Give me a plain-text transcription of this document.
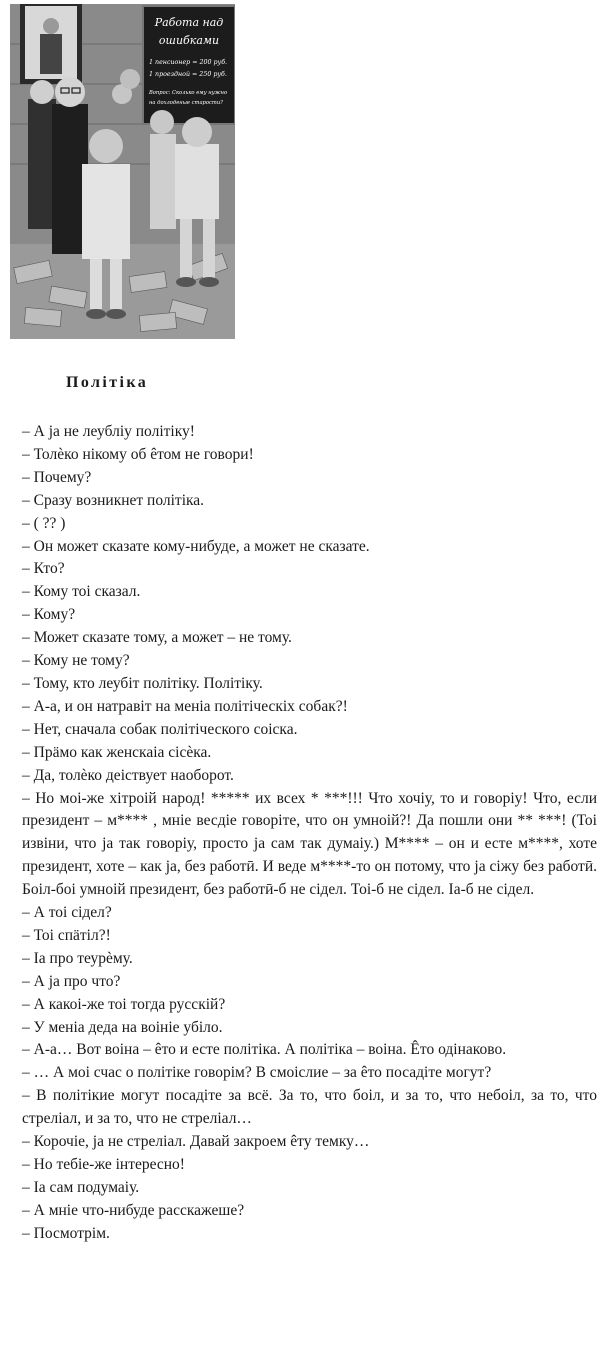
Работа над
ошибками
1 пенсионер = 200 руб.
1 проездной = 250 руб.
Вопрос: Сколько ему нужно
на дохлоденые старости?
Політіка

– А ја не леубліу політіку!

– Толѐко нікому об êтом не говори!

– Почему?

– Сразу возникнет політіка.

– ( ?? )

– Он может сказате кому-нибуде, а может не сказате.

– Кто?

– Кому тоі сказал.

– Кому?

– Может сказате тому, а может – не тому.

– Кому не тому?

– Тому, кто леубіт політіку. Політіку.

– А-а, и он натравіт на меніа політіческіх собак?!

– Нет, сначала собак політіческого соіска.

– Прӓмо как женскаіа сісѐка.

– Да, толѐко деіствует наоборот.

– Но моі-же хітроій народ! ***** их всех * ***!!! Что хочіу, то и говоріу! Что, если президент – м**** , мніе весдіе говоріте, что он умноій?! Да пошли они ** ***! (Тоі извіни, что ја так говоріу, просто ја сам так думаіу.) М**** – он и есте м****, хоте президент, хоте – как ја, без работӣ. И веде м****-то он потому, что ја сіжу без работӣ. Боіл-боі умноій президент, без работӣ-б не сідел. Тоі-б не сідел. Іа-б не сідел.

– А тоі сідел?

– Тоі спӓтіл?!

– Іа про теурѐму.

– А ја про что?

– А какоі-же тоі тогда русскій?

– У меніа деда на воініе убіло.

– А-а… Вот воіна – êто и есте політіка. А політіка – воіна. Êто одінаково.

– … А моі счас о політіке говорім? В смоіслие – за êто посадіте могут?

– В політікие могут посадіте за всё. За то, что боіл, и за то, что небоіл, за то, что стреліал, и за то, что не стреліал…

– Корочіе, ја не стреліал. Давай закроем êту темку…

– Но тебіе-же інтересно!

– Іа сам подумаіу.

– А мніе что-нибуде расскажеше?

– Посмотрім.
